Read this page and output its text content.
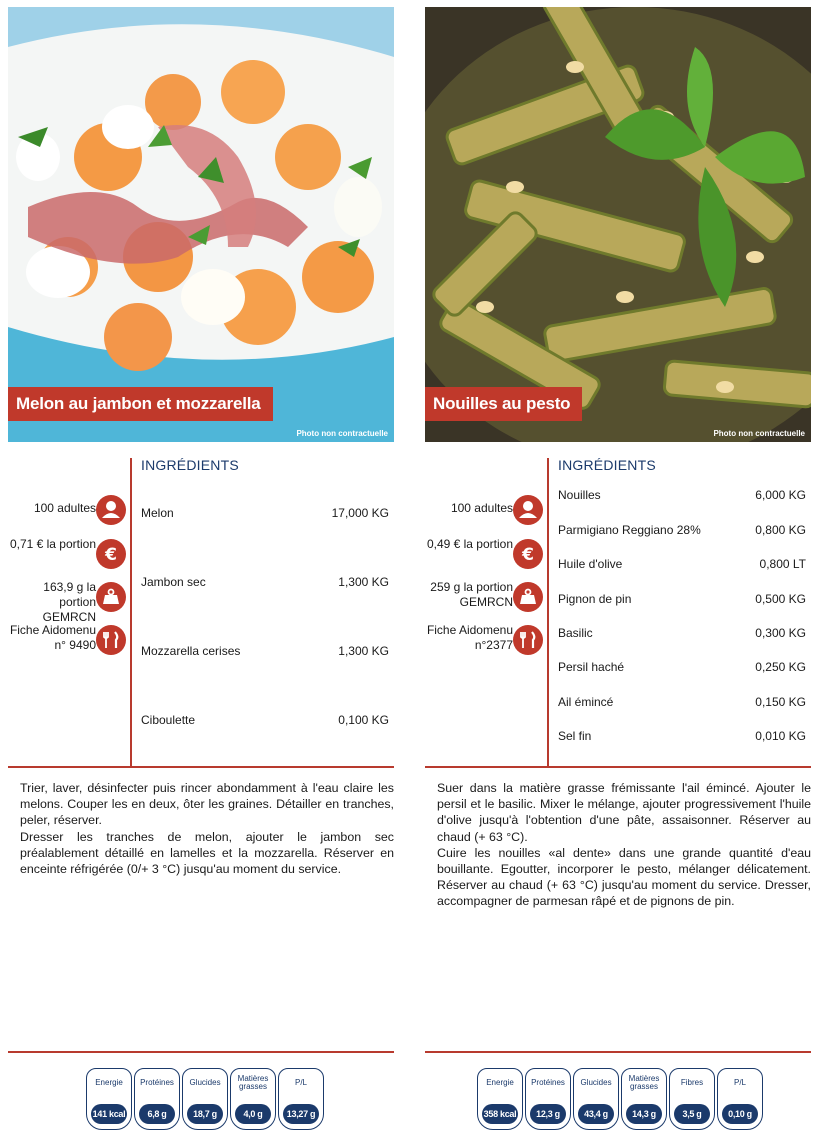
Melon au jambon et mozzarella
Photo non contractuelle
INGRÉDIENTS
100 adultes
0,71 € la portion
€
163,9 g la portion GEMRCN
Fiche Aidomenu n° 9490
Melon	17,000 KG
Jambon sec	1,300 KG
Mozzarella cerises	1,300 KG
Ciboulette	0,100 KG

Trier, laver, désinfecter puis rincer abondamment à l'eau claire les melons. Couper les en deux, ôter les graines. Détailler en tranches, peler, réserver.

Dresser les tranches de melon, ajouter le jambon sec préalablement détaillé en lamelles et la mozzarella. Réserver en enceinte réfrigérée (0/+ 3 °C) jusqu'au moment du service.

Energie
141 kcal
Protéines
6,8 g
Glucides
18,7 g
Matières grasses
4,0 g
P/L
13,27 g
Nouilles au pesto
Photo non contractuelle
INGRÉDIENTS
100 adultes
0,49 € la portion
€
259 g la portion GEMRCN
Fiche Aidomenu n°2377
Nouilles	6,000 KG
Parmigiano Reggiano 28%	0,800 KG
Huile d'olive	0,800 LT
Pignon de pin	0,500 KG
Basilic	0,300 KG
Persil haché	0,250 KG
Ail émincé	0,150 KG
Sel fin	0,010 KG

Suer dans la matière grasse frémissante l'ail émincé. Ajouter le persil et le basilic. Mixer le mélange, ajouter progressivement l'huile d'olive jusqu'à l'obtention d'une pâte, assaisonner. Réserver au chaud (+ 63 °C).

Cuire les nouilles «al dente» dans une grande quantité d'eau bouillante. Egoutter, incorporer le pesto, mélanger délicatement. Réserver au chaud (+ 63 °C) jusqu'au moment du service. Dresser, accompagner de parmesan râpé et de pignons de pin.

Energie
358 kcal
Protéines
12,3 g
Glucides
43,4 g
Matières grasses
14,3 g
Fibres
3,5 g
P/L
0,10 g
